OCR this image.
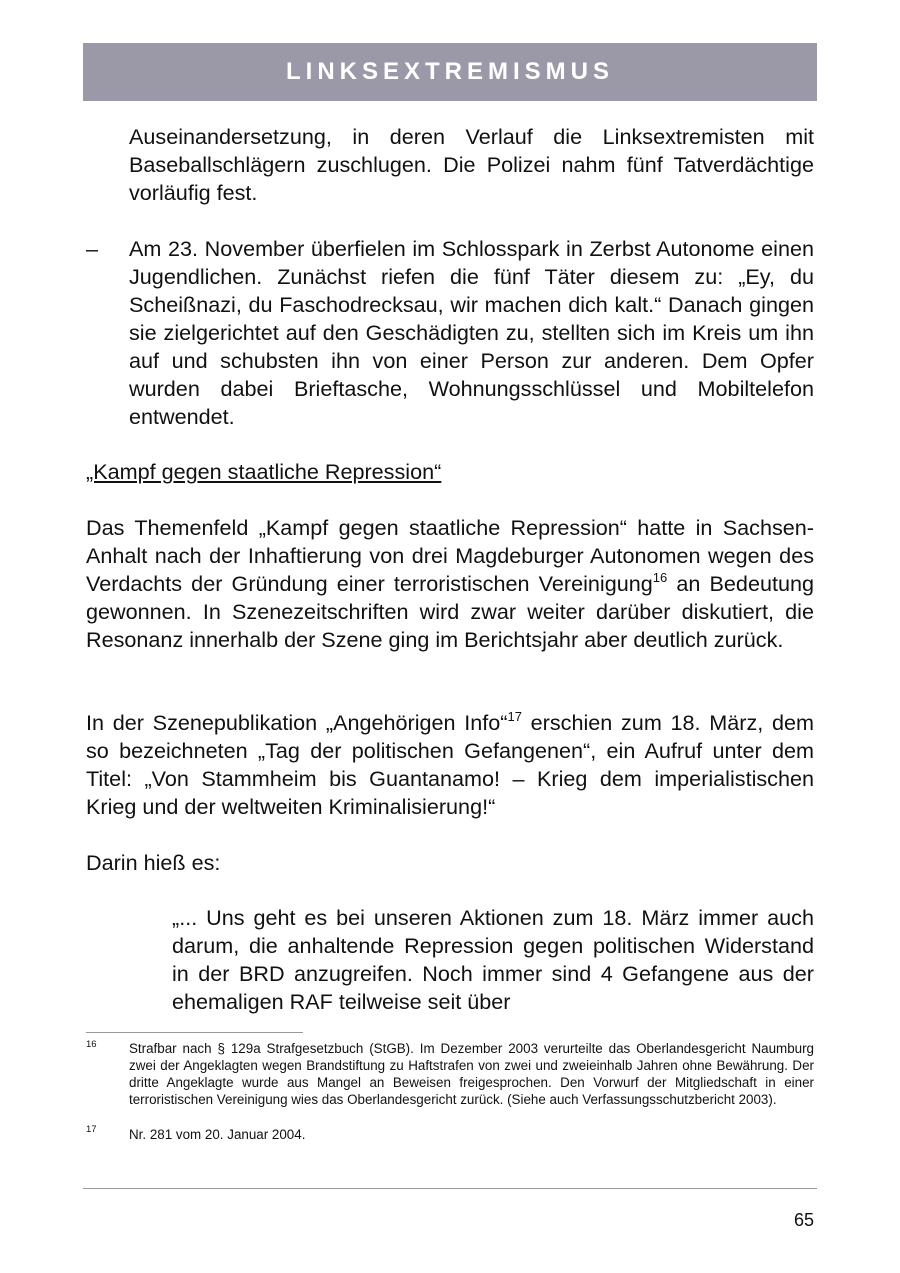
LINKSEXTREMISMUS

Auseinandersetzung, in deren Verlauf die Linksextremisten mit Baseballschlägern zuschlugen. Die Polizei nahm fünf Tatverdächtige vorläufig fest.

– Am 23. November überfielen im Schlosspark in Zerbst Autonome einen Jugendlichen. Zunächst riefen die fünf Täter diesem zu: „Ey, du Scheißnazi, du Faschodrecksau, wir machen dich kalt.“ Danach gingen sie zielgerichtet auf den Geschädigten zu, stellten sich im Kreis um ihn auf und schubsten ihn von einer Person zur anderen. Dem Opfer wurden dabei Brieftasche, Wohnungsschlüssel und Mobiltelefon entwendet.

„Kampf gegen staatliche Repression“

Das Themenfeld „Kampf gegen staatliche Repression“ hatte in Sachsen-Anhalt nach der Inhaftierung von drei Magdeburger Autonomen wegen des Verdachts der Gründung einer terroristischen Vereinigung$^{16}$ an Bedeutung gewonnen. In Szenezeitschriften wird zwar weiter darüber diskutiert, die Resonanz innerhalb der Szene ging im Berichtsjahr aber deutlich zurück.

In der Szenepublikation „Angehörigen Info“$^{17}$ erschien zum 18. März, dem so bezeichneten „Tag der politischen Gefangenen“, ein Aufruf unter dem Titel: „Von Stammheim bis Guantanamo! – Krieg dem imperialistischen Krieg und der weltweiten Kriminalisierung!“

Darin hieß es:

„... Uns geht es bei unseren Aktionen zum 18. März immer auch darum, die anhaltende Repression gegen politischen Widerstand in der BRD anzugreifen. Noch immer sind 4 Gefangene aus der ehemaligen RAF teilweise seit über

16 Strafbar nach § 129a Strafgesetzbuch (StGB). Im Dezember 2003 verurteilte das Oberlandesgericht Naumburg zwei der Angeklagten wegen Brandstiftung zu Haftstrafen von zwei und zweieinhalb Jahren ohne Bewährung. Der dritte Angeklagte wurde aus Mangel an Beweisen freigesprochen. Den Vorwurf der Mitgliedschaft in einer terroristischen Vereinigung wies das Oberlandesgericht zurück. (Siehe auch Verfassungsschutzbericht 2003).

17 Nr. 281 vom 20. Januar 2004.

65
